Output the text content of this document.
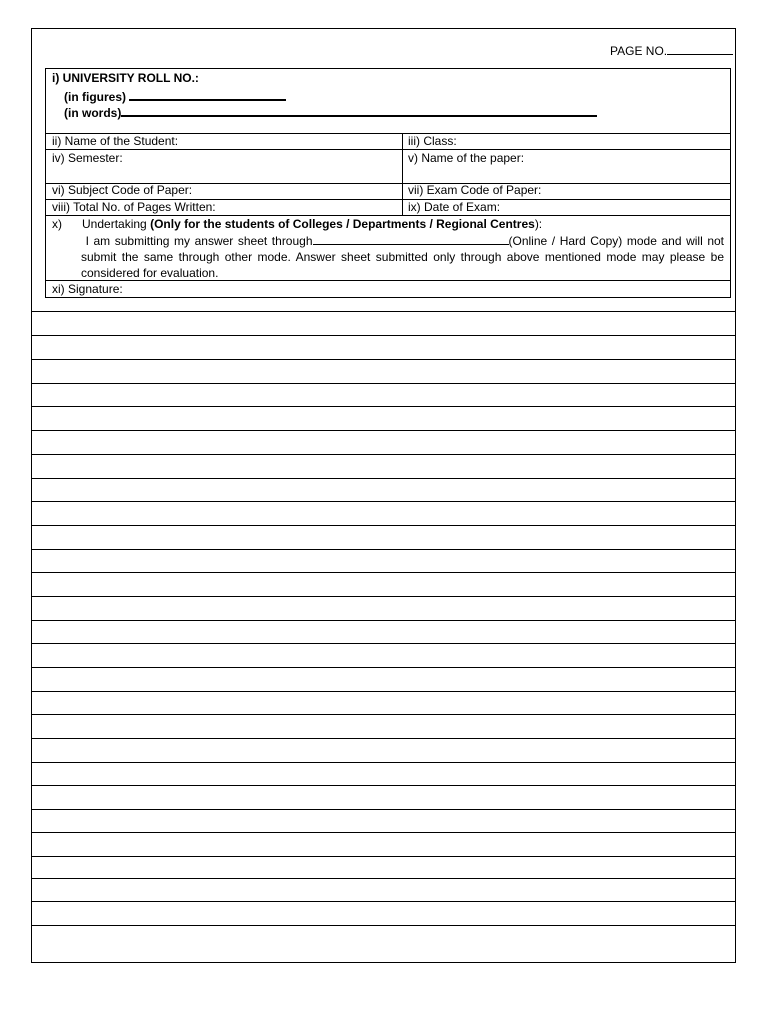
PAGE NO.
i) UNIVERSITY ROLL NO.:
(in figures)
(in words)
ii) Name of the Student:	iii) Class:
iv) Semester:	v) Name of the paper:
vi) Subject Code of Paper:	vii) Exam Code of Paper:
viii) Total No. of Pages Written:	ix) Date of Exam:
x) Undertaking (Only for the students of Colleges / Departments / Regional Centres):
I am submitting my answer sheet through	(Online / Hard Copy) mode and will not submit the same through other mode. Answer sheet submitted only through above mentioned mode may please be considered for evaluation.
xi) Signature:
